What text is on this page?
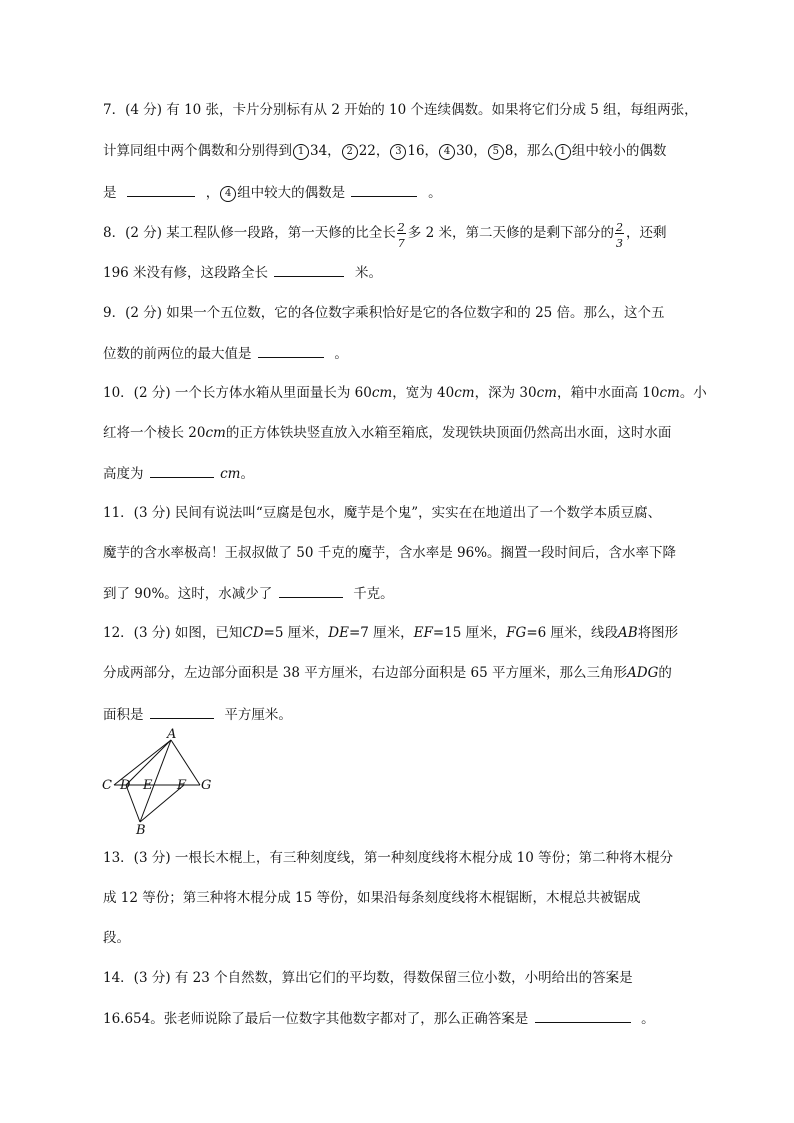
7．(4 分) 有 10 张，卡片分别标有从 2 开始的 10 个连续偶数。如果将它们分成 5 组，每组两张，
计算同组中两个偶数和分别得到 1 34， 2 22， 3 16， 4 30， 5 8，那么 1 组中较小的偶数
是	， 4 组中较大的偶数是	。
8．(2 分) 某工程队修一段路，第一天修的比全长 $\frac{2}{7}$ 多 2 米，第二天修的是剩下部分的 $\frac{2}{3}$ ，还剩
196 米没有修，这段路全长	米。
9．(2 分) 如果一个五位数，它的各位数字乘积恰好是它的各位数字和的 25 倍。那么，这个五
位数的前两位的最大值是	。
10．(2 分) 一个长方体水箱从里面量长为 60cm，宽为 40cm，深为 30cm，箱中水面高 10cm。小
红将一个棱长 20cm的正方体铁块竖直放入水箱至箱底，发现铁块顶面仍然高出水面，这时水面
高度为	cm。
11．(3 分) 民间有说法叫“豆腐是包水，魔芋是个鬼”，实实在在地道出了一个数学本质豆腐、
魔芋的含水率极高！王叔叔做了 50 千克的魔芋，含水率是 96%。搁置一段时间后，含水率下降
到了 90%。这时，水减少了	千克。
12．(3 分) 如图，已知CD=5 厘米，DE=7 厘米，EF=15 厘米，FG=6 厘米，线段AB将图形
分成两部分，左边部分面积是 38 平方厘米，右边部分面积是 65 平方厘米，那么三角形ADG的
面积是	平方厘米。
A
C D E F G
B
13．(3 分) 一根长木棍上，有三种刻度线，第一种刻度线将木棍分成 10 等份；第二种将木棍分
成 12 等份；第三种将木棍分成 15 等份，如果沿每条刻度线将木棍锯断，木棍总共被锯成
段。
14．(3 分) 有 23 个自然数，算出它们的平均数，得数保留三位小数，小明给出的答案是
16.654。张老师说除了最后一位数字其他数字都对了，那么正确答案是	。
